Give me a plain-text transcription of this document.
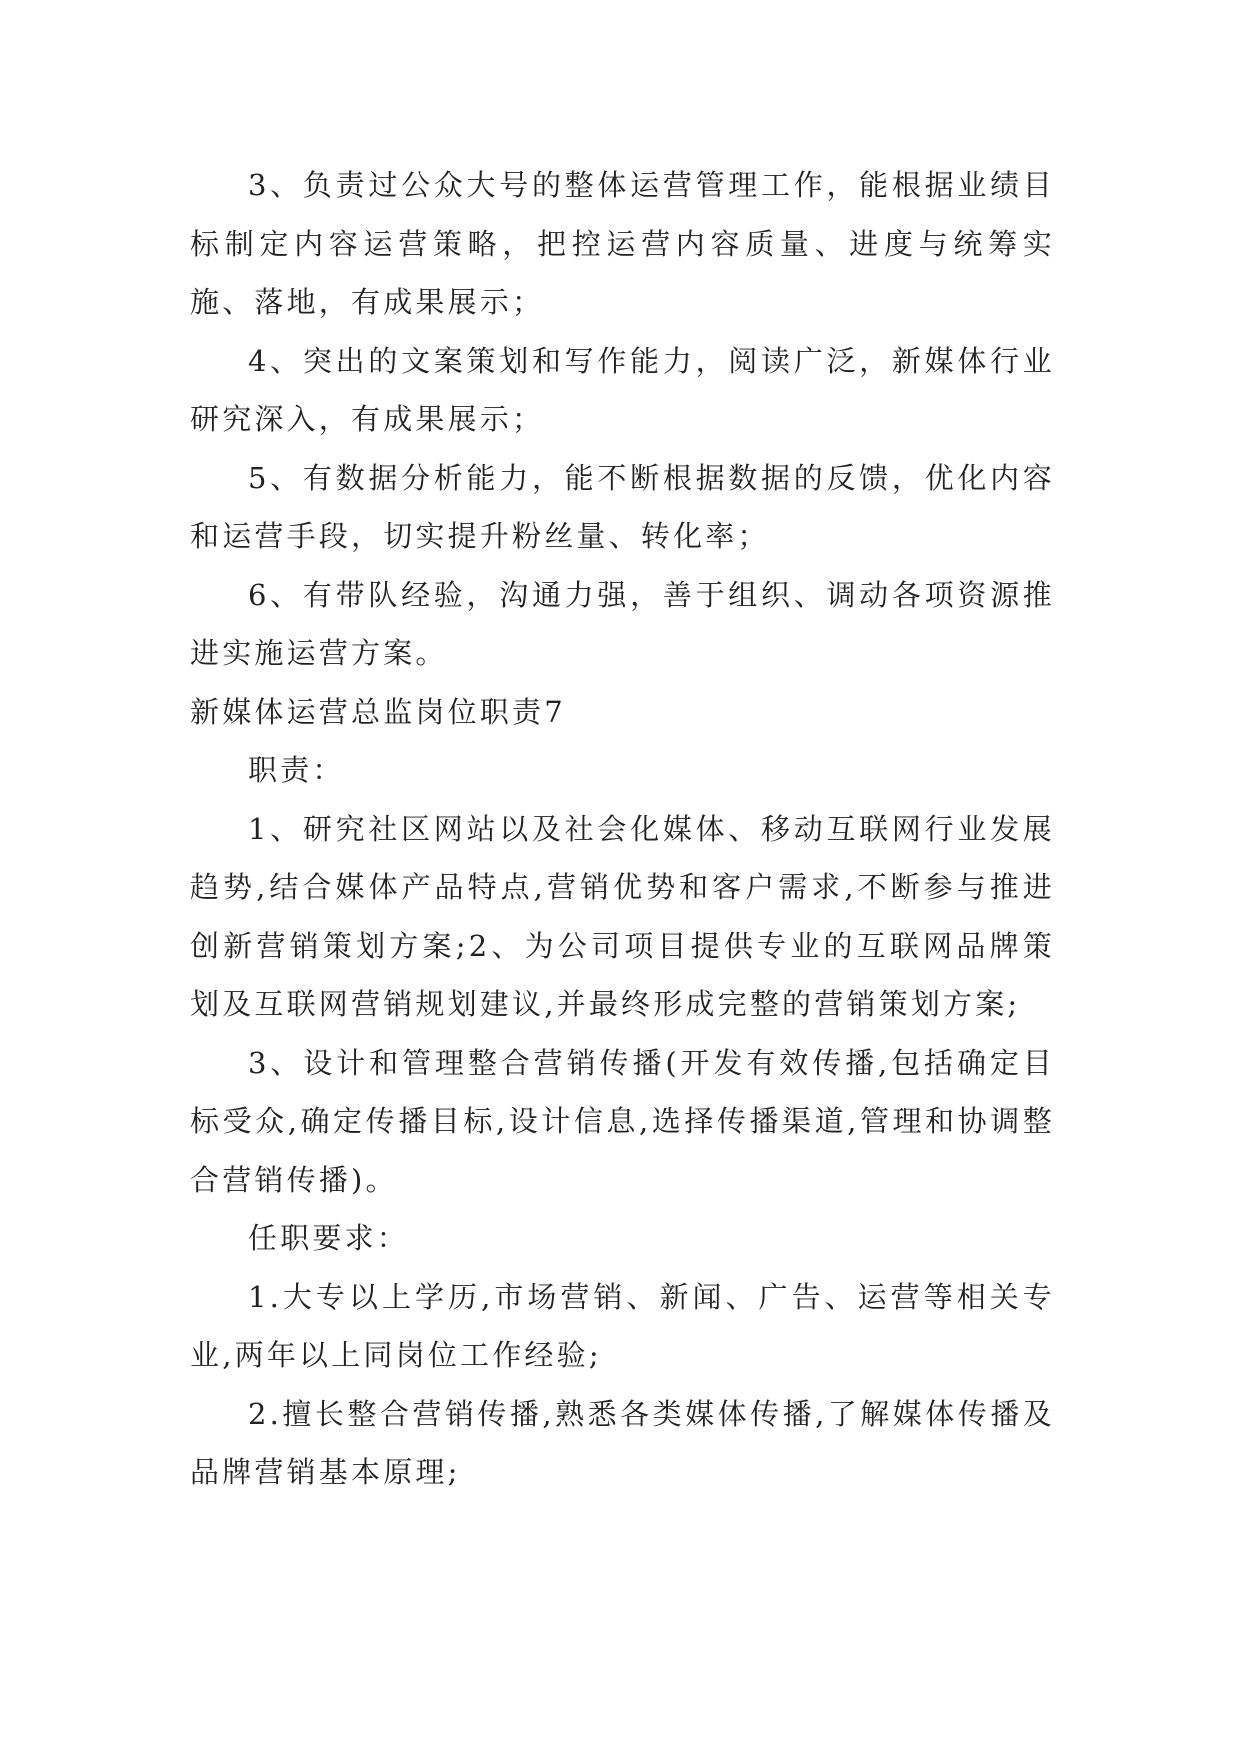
3、负责过公众大号的整体运营管理工作，能根据业绩目标制定内容运营策略，把控运营内容质量、进度与统筹实施、落地，有成果展示；

4、突出的文案策划和写作能力，阅读广泛，新媒体行业研究深入，有成果展示；

5、有数据分析能力，能不断根据数据的反馈，优化内容和运营手段，切实提升粉丝量、转化率；

6、有带队经验，沟通力强，善于组织、调动各项资源推进实施运营方案。

新媒体运营总监岗位职责7

职责：

1、研究社区网站以及社会化媒体、移动互联网行业发展趋势,结合媒体产品特点,营销优势和客户需求,不断参与推进创新营销策划方案;2、为公司项目提供专业的互联网品牌策划及互联网营销规划建议,并最终形成完整的营销策划方案;

3、设计和管理整合营销传播(开发有效传播,包括确定目标受众,确定传播目标,设计信息,选择传播渠道,管理和协调整合营销传播)。

任职要求：

1.大专以上学历,市场营销、新闻、广告、运营等相关专业,两年以上同岗位工作经验;

2.擅长整合营销传播,熟悉各类媒体传播,了解媒体传播及品牌营销基本原理;
